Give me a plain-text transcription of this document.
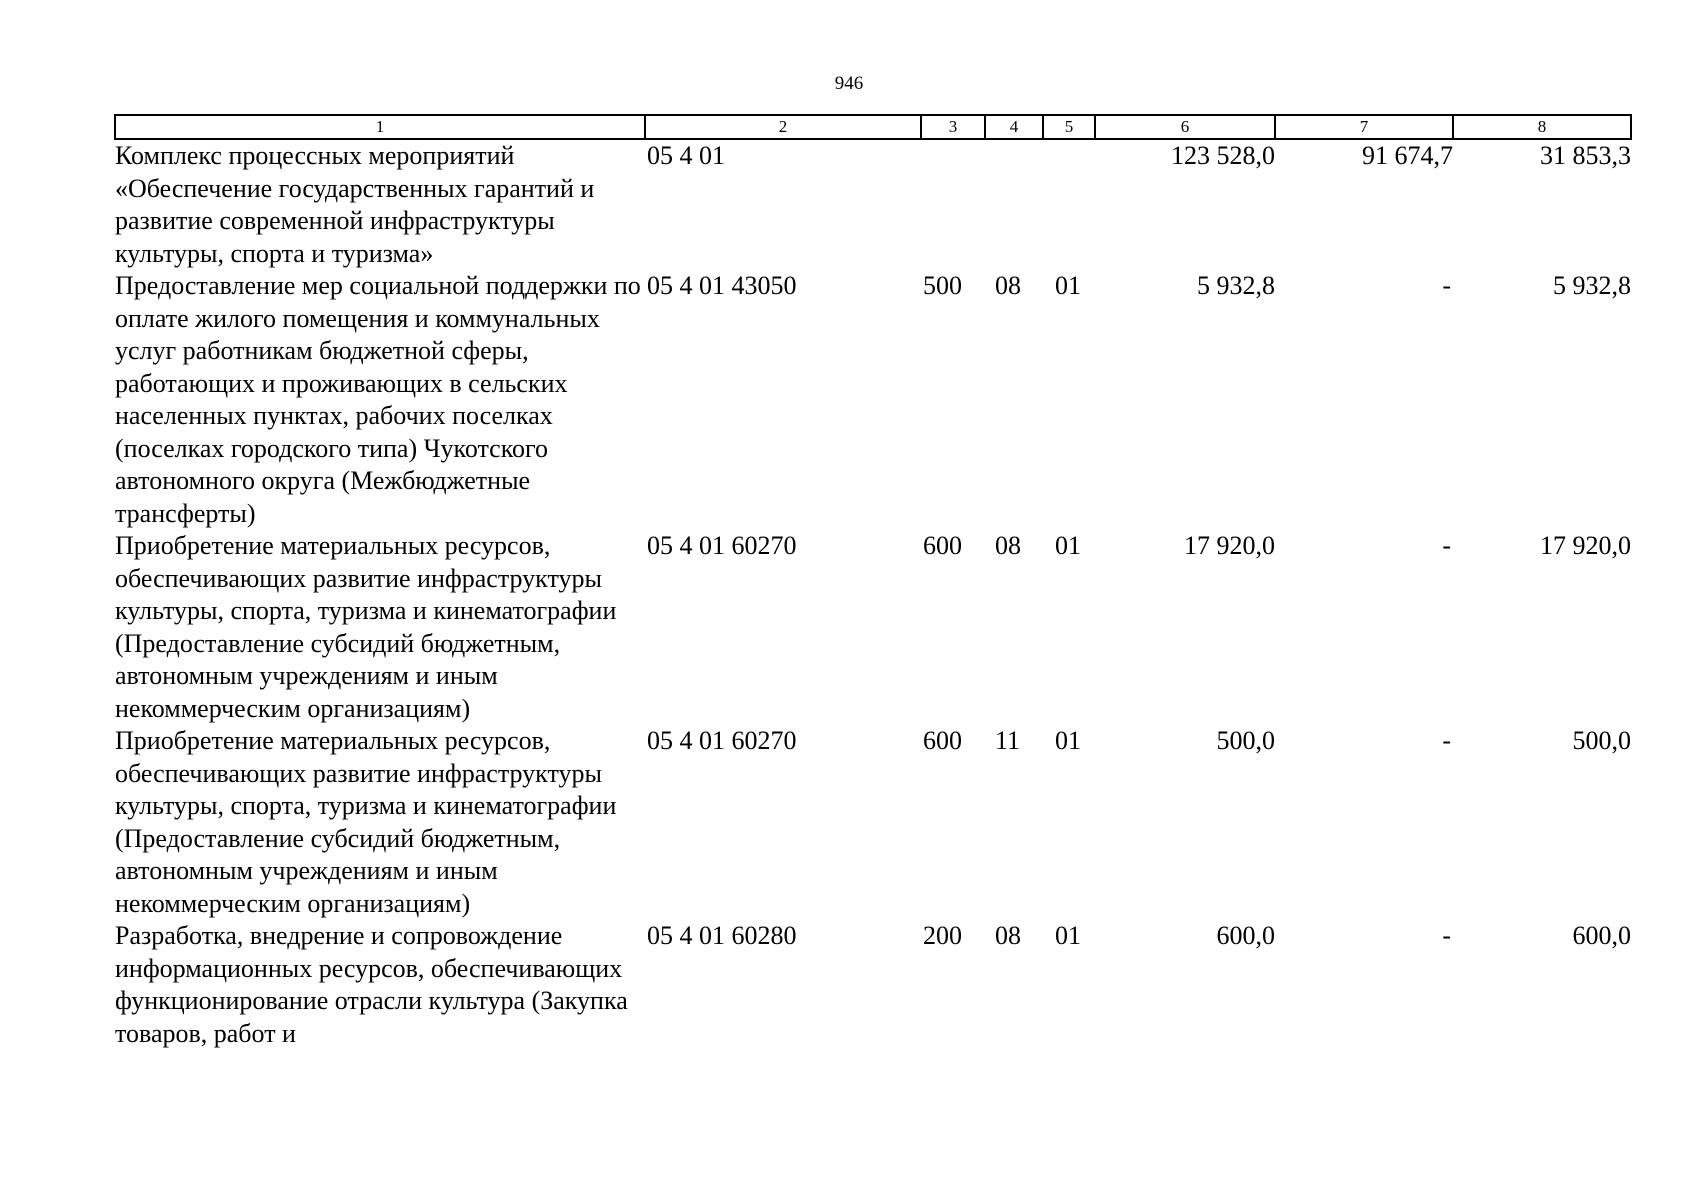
946
1	2	3	4	5	6	7	8
Комплекс процессных мероприятий «Обеспечение государственных гарантий и развитие современной инфраструктуры культуры, спорта и туризма»	05 4 01				123 528,0	91 674,7	31 853,3
Предоставление мер социальной поддержки по оплате жилого помещения и коммунальных услуг работникам бюджетной сферы, работающих и проживающих в сельских населенных пунктах, рабочих поселках (поселках городского типа) Чукотского автономного округа (Межбюджетные трансферты)	05 4 01 43050	500	08	01	5 932,8	-	5 932,8
Приобретение материальных ресурсов, обеспечивающих развитие инфраструктуры культуры, спорта, туризма и кинематографии (Предоставление субсидий бюджетным, автономным учреждениям и иным некоммерческим организациям)	05 4 01 60270	600	08	01	17 920,0	-	17 920,0
Приобретение материальных ресурсов, обеспечивающих развитие инфраструктуры культуры, спорта, туризма и кинематографии (Предоставление субсидий бюджетным, автономным учреждениям и иным некоммерческим организациям)	05 4 01 60270	600	11	01	500,0	-	500,0
Разработка, внедрение и сопровождение информационных ресурсов, обеспечивающих функционирование отрасли культура (Закупка товаров, работ и	05 4 01 60280	200	08	01	600,0	-	600,0
